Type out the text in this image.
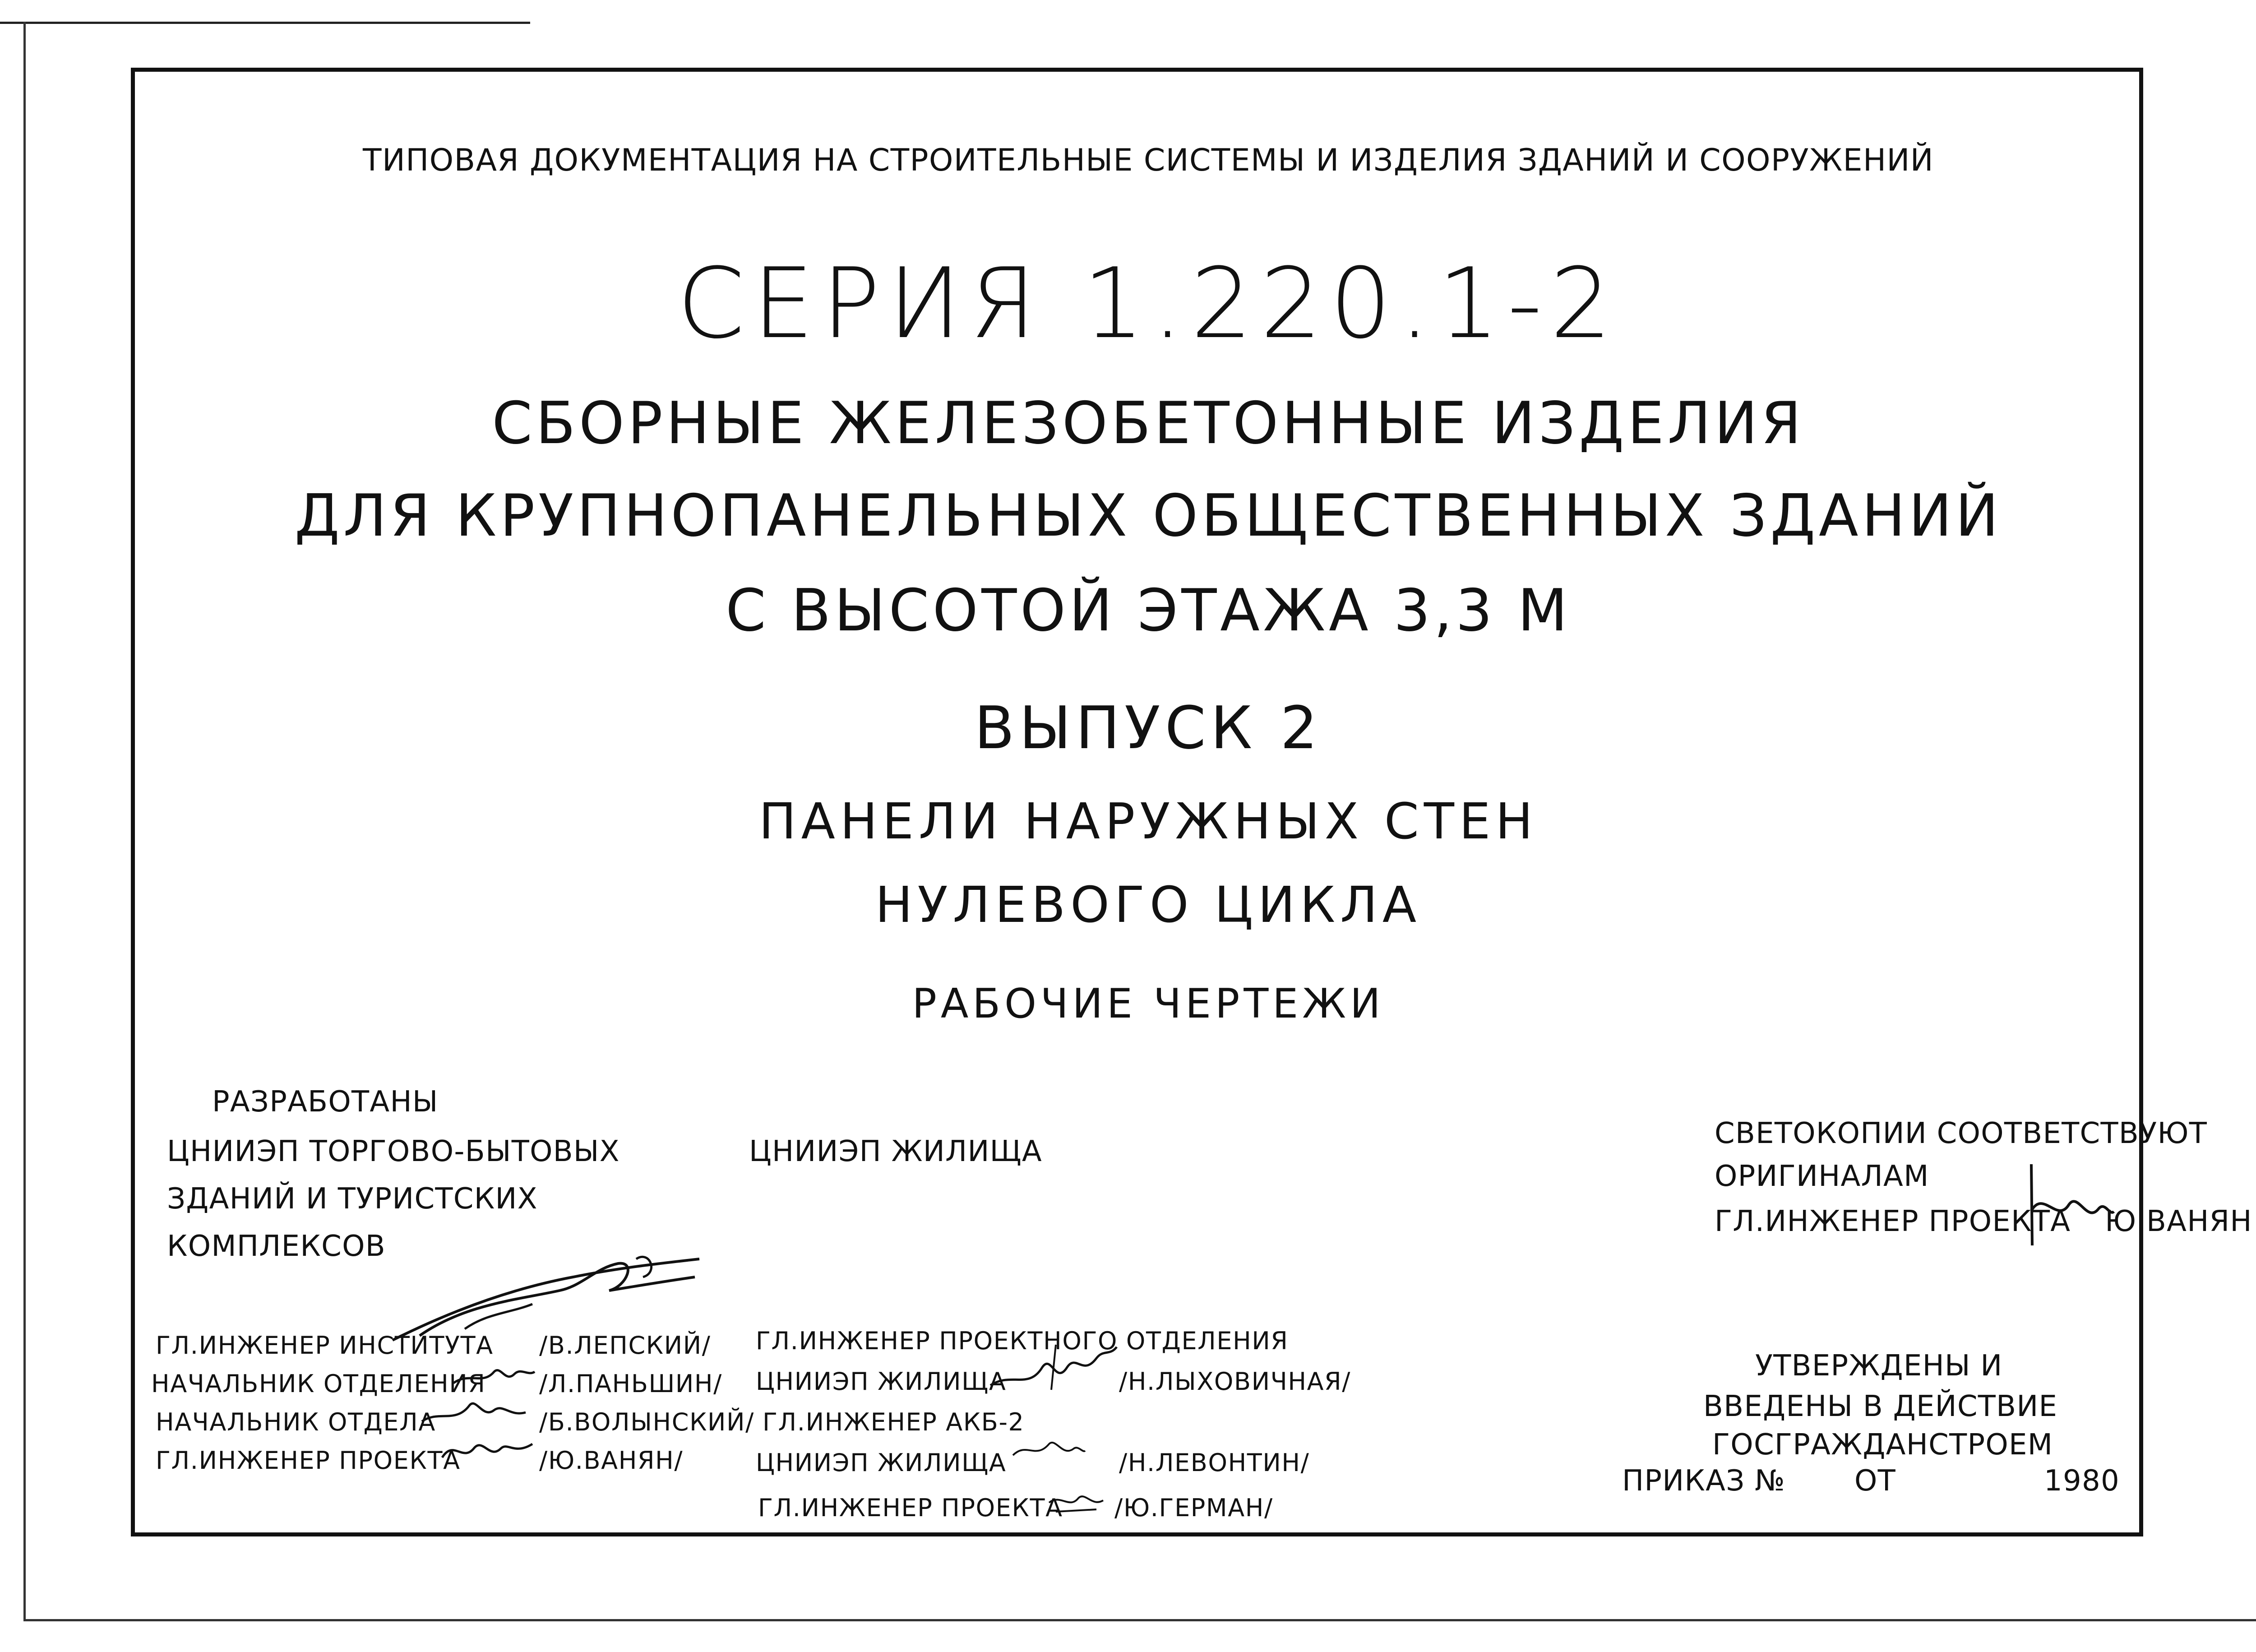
ТИПОВАЯ ДОКУМЕНТАЦИЯ НА СТРОИТЕЛЬНЫЕ СИСТЕМЫ И ИЗДЕЛИЯ ЗДАНИЙ И СООРУЖЕНИЙ
СЕРИЯ 1.220.1-2
СБОРНЫЕ ЖЕЛЕЗОБЕТОННЫЕ ИЗДЕЛИЯ
ДЛЯ КРУПНОПАНЕЛЬНЫХ ОБЩЕСТВЕННЫХ ЗДАНИЙ
С ВЫСОТОЙ ЭТАЖА 3,3 М
ВЫПУСК 2
ПАНЕЛИ НАРУЖНЫХ СТЕН
НУЛЕВОГО ЦИКЛА
РАБОЧИЕ ЧЕРТЕЖИ
РАЗРАБОТАНЫ
ЦНИИЭП ТОРГОВО-БЫТОВЫХ
ЗДАНИЙ И ТУРИСТСКИХ
КОМПЛЕКСОВ
ЦНИИЭП ЖИЛИЩА
СВЕТОКОПИИ СООТВЕТСТВУЮТ
ОРИГИНАЛАМ
ГЛ.ИНЖЕНЕР ПРОЕКТА Ю.ВАНЯН
ГЛ.ИНЖЕНЕР ИНСТИТУТА /В.ЛЕПСКИЙ/
НАЧАЛЬНИК ОТДЕЛЕНИЯ /Л.ПАНЬШИН/
НАЧАЛЬНИК ОТДЕЛА	/Б.ВОЛЫНСКИЙ/
ГЛ.ИНЖЕНЕР ПРОЕКТА	/Ю.ВАНЯН/
ГЛ.ИНЖЕНЕР ПРОЕКТНОГО ОТДЕЛЕНИЯ
ЦНИИЭП ЖИЛИЩА	/Н.ЛЫХОВИЧНАЯ/
ГЛ.ИНЖЕНЕР АКБ-2
ЦНИИЭП ЖИЛИЩА	/Н.ЛЕВОНТИН/
ГЛ.ИНЖЕНЕР ПРОЕКТА /Ю.ГЕРМАН/
УТВЕРЖДЕНЫ И
ВВЕДЕНЫ В ДЕЙСТВИЕ
ГОСГРАЖДАНСТРОЕМ
ПРИКАЗ № ОТ	1980
